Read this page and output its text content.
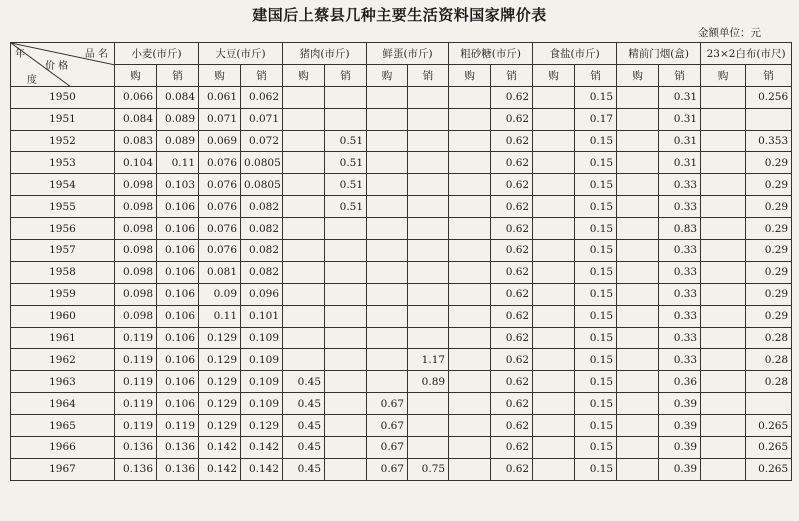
建国后上蔡县几种主要生活资料国家牌价表
金额单位：元
品 名
价 格
年
度	小麦(市斤)		大豆(市斤)		猪肉(市斤)		鲜蛋(市斤)		粗砂糖(市斤)		食盐(市斤)		精前门烟(盒)		23×2白布(市尺)	
	购	销	购	销	购	销	购	销	购	销	购	销	购	销	购	销
1950	0.066	0.084	0.061	0.062						0.62		0.15		0.31		0.256
1951	0.084	0.089	0.071	0.071						0.62		0.17		0.31		
1952	0.083	0.089	0.069	0.072		0.51				0.62		0.15		0.31		0.353
1953	0.104	0.11	0.076	0.0805		0.51				0.62		0.15		0.31		0.29
1954	0.098	0.103	0.076	0.0805		0.51				0.62		0.15		0.33		0.29
1955	0.098	0.106	0.076	0.082		0.51				0.62		0.15		0.33		0.29
1956	0.098	0.106	0.076	0.082						0.62		0.15		0.83		0.29
1957	0.098	0.106	0.076	0.082						0.62		0.15		0.33		0.29
1958	0.098	0.106	0.081	0.082						0.62		0.15		0.33		0.29
1959	0.098	0.106	0.09	0.096						0.62		0.15		0.33		0.29
1960	0.098	0.106	0.11	0.101						0.62		0.15		0.33		0.29
1961	0.119	0.106	0.129	0.109						0.62		0.15		0.33		0.28
1962	0.119	0.106	0.129	0.109				1.17		0.62		0.15		0.33		0.28
1963	0.119	0.106	0.129	0.109	0.45			0.89		0.62		0.15		0.36		0.28
1964	0.119	0.106	0.129	0.109	0.45		0.67			0.62		0.15		0.39		
1965	0.119	0.119	0.129	0.129	0.45		0.67			0.62		0.15		0.39		0.265
1966	0.136	0.136	0.142	0.142	0.45		0.67			0.62		0.15		0.39		0.265
1967	0.136	0.136	0.142	0.142	0.45		0.67	0.75		0.62		0.15		0.39		0.265
